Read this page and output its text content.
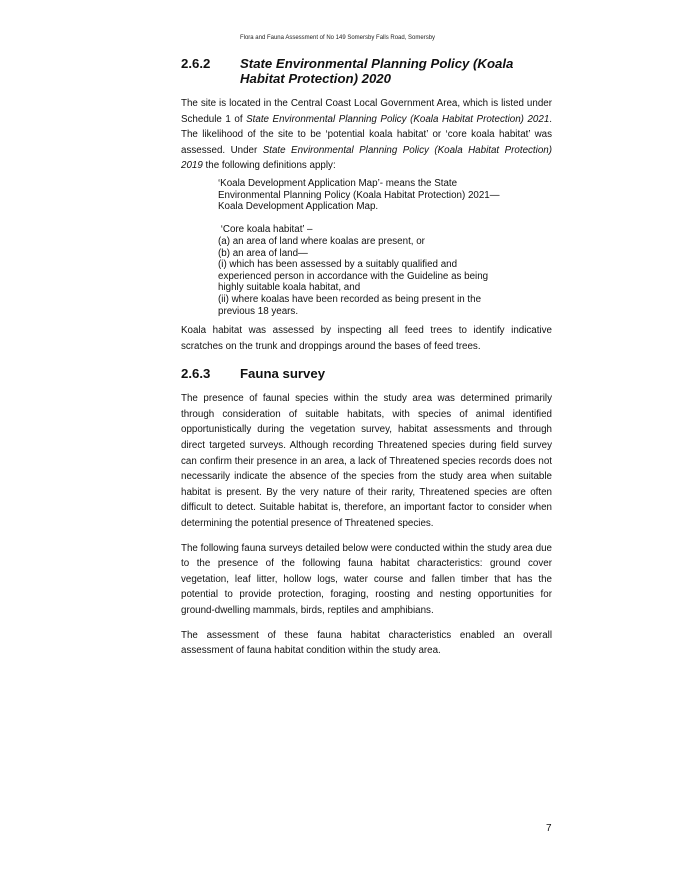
Flora and Fauna Assessment of No 149 Somersby Falls Road, Somersby
2.6.2	State Environmental Planning Policy (Koala Habitat Protection) 2020

The site is located in the Central Coast Local Government Area, which is listed under Schedule 1 of State Environmental Planning Policy (Koala Habitat Protection) 2021. The likelihood of the site to be ‘potential koala habitat’ or ‘core koala habitat’ was assessed. Under State Environmental Planning Policy (Koala Habitat Protection) 2019 the following definitions apply:

‘Koala Development Application Map’- means the State
Environmental Planning Policy (Koala Habitat Protection) 2021—
Koala Development Application Map.
‘Core koala habitat’ –
(a) an area of land where koalas are present, or
(b) an area of land—
(i) which has been assessed by a suitably qualified and
experienced person in accordance with the Guideline as being
highly suitable koala habitat, and
(ii) where koalas have been recorded as being present in the
previous 18 years.

Koala habitat was assessed by inspecting all feed trees to identify indicative scratches on the trunk and droppings around the bases of feed trees.

2.6.3	Fauna survey

The presence of faunal species within the study area was determined primarily through consideration of suitable habitats, with species of animal identified opportunistically during the vegetation survey, habitat assessments and through direct targeted surveys. Although recording Threatened species during field survey can confirm their presence in an area, a lack of Threatened species records does not necessarily indicate the absence of the species from the study area when suitable habitat is present. By the very nature of their rarity, Threatened species are often difficult to detect. Suitable habitat is, therefore, an important factor to consider when determining the potential presence of Threatened species.

The following fauna surveys detailed below were conducted within the study area due to the presence of the following fauna habitat characteristics: ground cover vegetation, leaf litter, hollow logs, water course and fallen timber that has the potential to provide protection, foraging, roosting and nesting opportunities for ground-dwelling mammals, birds, reptiles and amphibians.

The assessment of these fauna habitat characteristics enabled an overall assessment of fauna habitat condition within the study area.

7
